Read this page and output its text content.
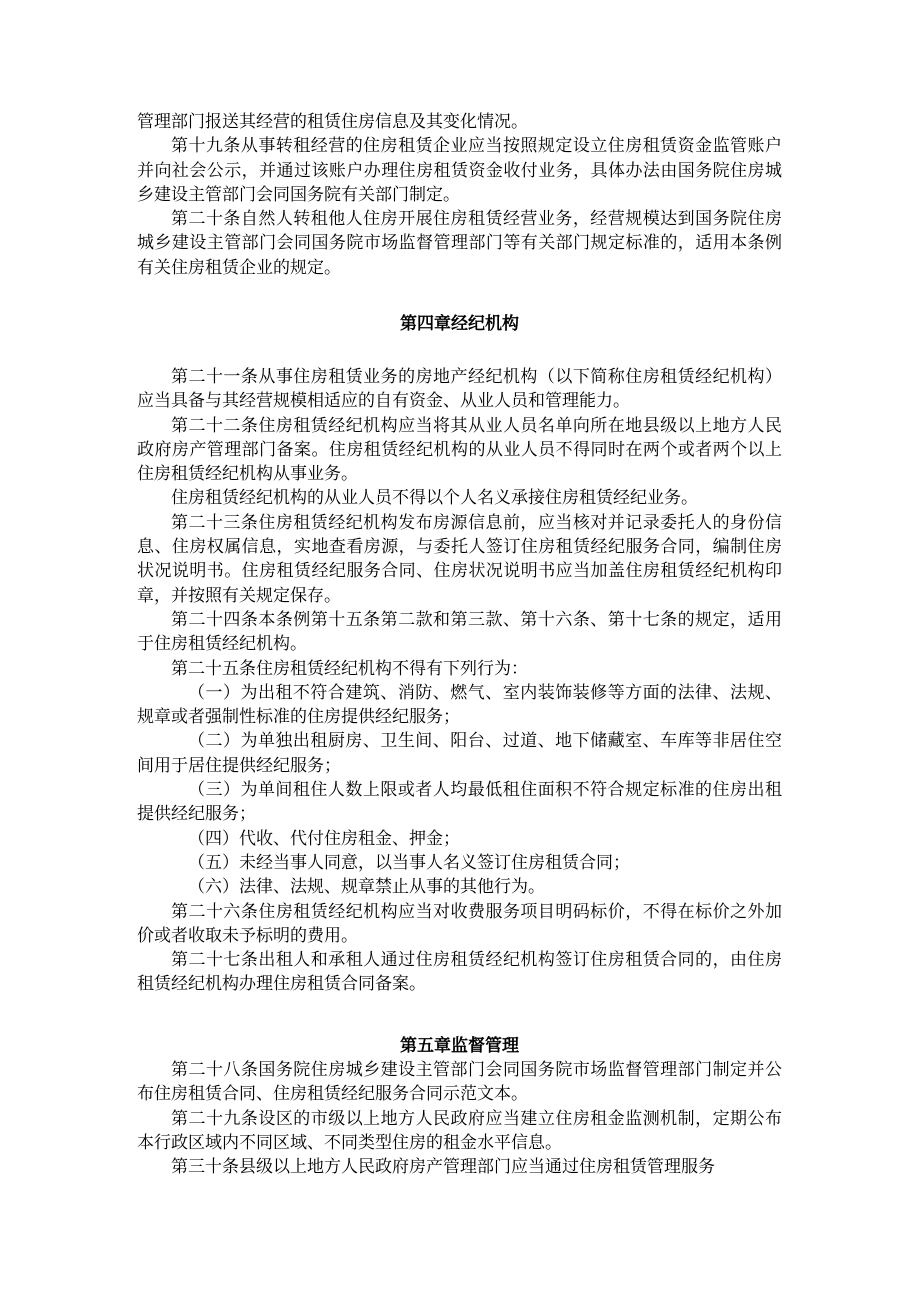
管理部门报送其经营的租赁住房信息及其变化情况。

第十九条从事转租经营的住房租赁企业应当按照规定设立住房租赁资金监管账户并向社会公示，并通过该账户办理住房租赁资金收付业务，具体办法由国务院住房城乡建设主管部门会同国务院有关部门制定。

第二十条自然人转租他人住房开展住房租赁经营业务，经营规模达到国务院住房城乡建设主管部门会同国务院市场监督管理部门等有关部门规定标准的，适用本条例有关住房租赁企业的规定。

第四章经纪机构

第二十一条从事住房租赁业务的房地产经纪机构（以下简称住房租赁经纪机构）应当具备与其经营规模相适应的自有资金、从业人员和管理能力。

第二十二条住房租赁经纪机构应当将其从业人员名单向所在地县级以上地方人民政府房产管理部门备案。住房租赁经纪机构的从业人员不得同时在两个或者两个以上住房租赁经纪机构从事业务。

住房租赁经纪机构的从业人员不得以个人名义承接住房租赁经纪业务。

第二十三条住房租赁经纪机构发布房源信息前，应当核对并记录委托人的身份信息、住房权属信息，实地查看房源，与委托人签订住房租赁经纪服务合同，编制住房状况说明书。住房租赁经纪服务合同、住房状况说明书应当加盖住房租赁经纪机构印章，并按照有关规定保存。

第二十四条本条例第十五条第二款和第三款、第十六条、第十七条的规定，适用于住房租赁经纪机构。

第二十五条住房租赁经纪机构不得有下列行为：

（一）为出租不符合建筑、消防、燃气、室内装饰装修等方面的法律、法规、规章或者强制性标准的住房提供经纪服务；

（二）为单独出租厨房、卫生间、阳台、过道、地下储藏室、车库等非居住空间用于居住提供经纪服务；

（三）为单间租住人数上限或者人均最低租住面积不符合规定标准的住房出租提供经纪服务；

（四）代收、代付住房租金、押金；

（五）未经当事人同意，以当事人名义签订住房租赁合同；

（六）法律、法规、规章禁止从事的其他行为。

第二十六条住房租赁经纪机构应当对收费服务项目明码标价，不得在标价之外加价或者收取未予标明的费用。

第二十七条出租人和承租人通过住房租赁经纪机构签订住房租赁合同的，由住房租赁经纪机构办理住房租赁合同备案。

第五章监督管理

第二十八条国务院住房城乡建设主管部门会同国务院市场监督管理部门制定并公布住房租赁合同、住房租赁经纪服务合同示范文本。

第二十九条设区的市级以上地方人民政府应当建立住房租金监测机制，定期公布本行政区域内不同区域、不同类型住房的租金水平信息。

第三十条县级以上地方人民政府房产管理部门应当通过住房租赁管理服务
